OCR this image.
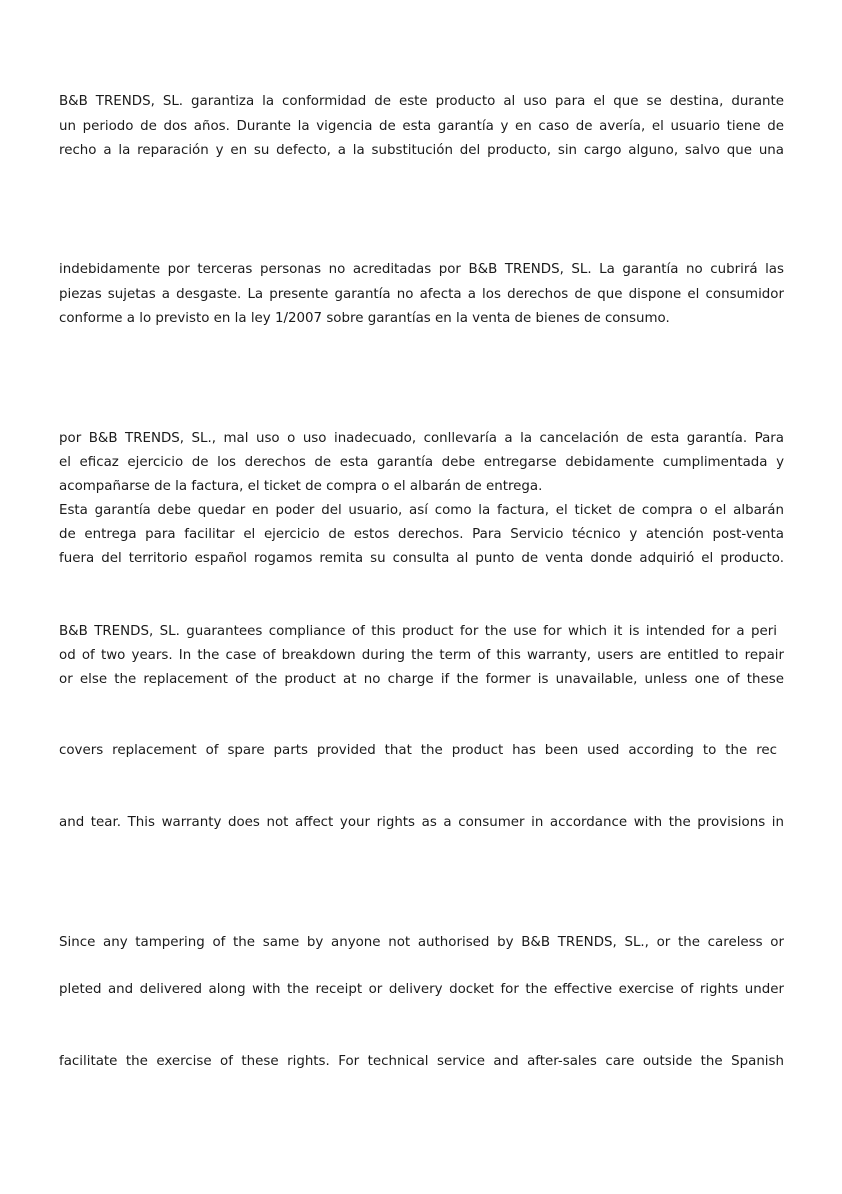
B&B TRENDS, SL. garantiza la conformidad de este producto al uso para el que se destina, durante
un periodo de dos años. Durante la vigencia de esta garantía y en caso de avería, el usuario tiene de
recho a la reparación y en su defecto, a la substitución del producto, sin cargo alguno, salvo que una
indebidamente por terceras personas no acreditadas por B&B TRENDS, SL. La garantía no cubrirá las
piezas sujetas a desgaste. La presente garantía no afecta a los derechos de que dispone el consumidor
conforme a lo previsto en la ley 1/2007 sobre garantías en la venta de bienes de consumo.
por B&B TRENDS, SL., mal uso o uso inadecuado, conllevaría a la cancelación de esta garantía. Para
el eficaz ejercicio de los derechos de esta garantía debe entregarse debidamente cumplimentada y
acompañarse de la factura, el ticket de compra o el albarán de entrega.
Esta garantía debe quedar en poder del usuario, así como la factura, el ticket de compra o el albarán
de entrega para facilitar el ejercicio de estos derechos. Para Servicio técnico y atención post-venta
fuera del territorio español rogamos remita su consulta al punto de venta donde adquirió el producto.
B&B TRENDS, SL. guarantees compliance of this product for the use for which it is intended for a peri
od of two years. In the case of breakdown during the term of this warranty, users are entitled to repair
or else the replacement of the product at no charge if the former is unavailable, unless one of these
covers replacement of spare parts provided that the product has been used according to the rec
and tear. This warranty does not affect your rights as a consumer in accordance with the provisions in
Since any tampering of the same by anyone not authorised by B&B TRENDS, SL., or the careless or
pleted and delivered along with the receipt or delivery docket for the effective exercise of rights under
facilitate the exercise of these rights. For technical service and after-sales care outside the Spanish
